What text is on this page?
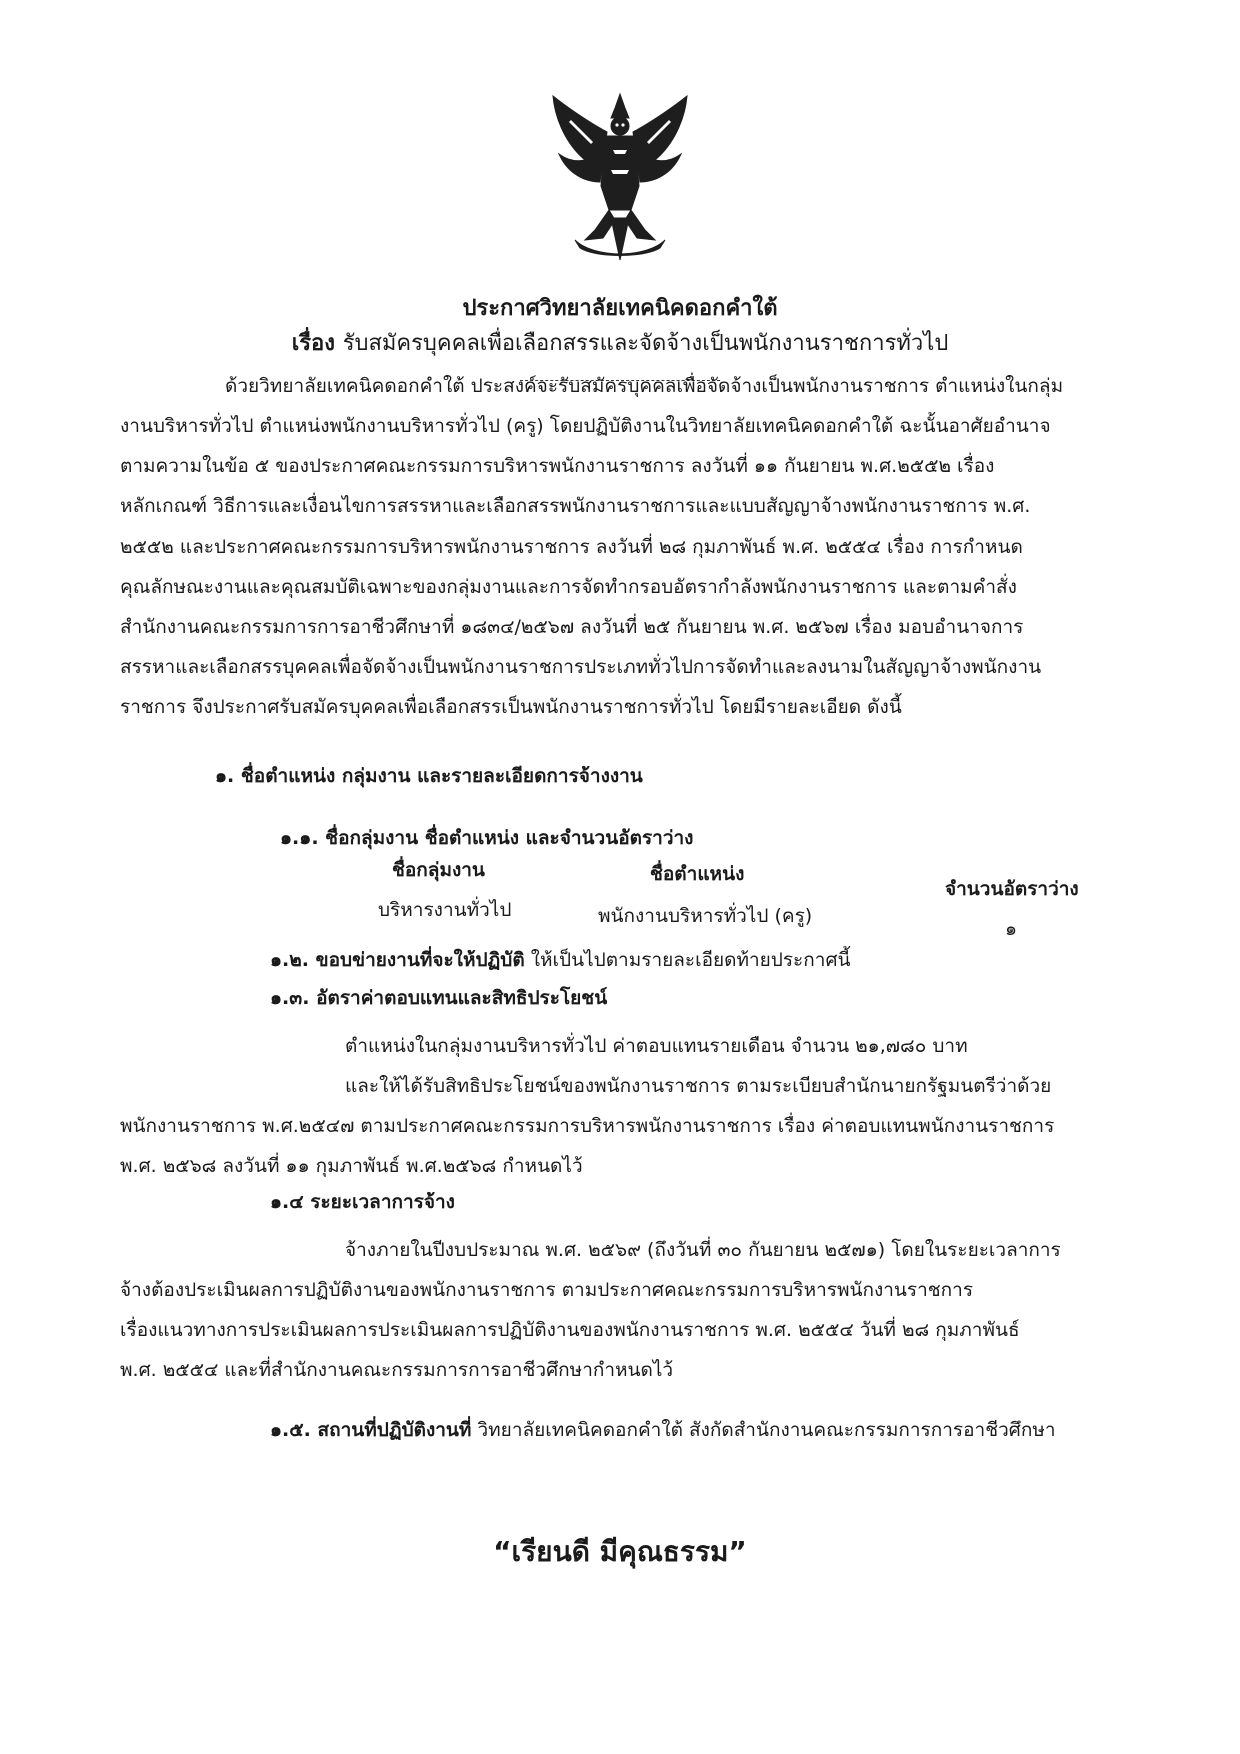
ประกาศวิทยาลัยเทคนิคดอกคำใต้
เรื่อง รับสมัครบุคคลเพื่อเลือกสรรและจัดจ้างเป็นพนักงานราชการทั่วไป
ด้วยวิทยาลัยเทคนิคดอกคำใต้ ประสงค์จะรับสมัครบุคคลเพื่อจัดจ้างเป็นพนักงานราชการ ตำแหน่งในกลุ่ม
งานบริหารทั่วไป ตำแหน่งพนักงานบริหารทั่วไป (ครู) โดยปฏิบัติงานในวิทยาลัยเทคนิคดอกคำใต้ ฉะนั้นอาศัยอำนาจ
ตามความในข้อ ๕ ของประกาศคณะกรรมการบริหารพนักงานราชการ ลงวันที่ ๑๑ กันยายน พ.ศ.๒๕๕๒ เรื่อง
หลักเกณฑ์ วิธีการและเงื่อนไขการสรรหาและเลือกสรรพนักงานราชการและแบบสัญญาจ้างพนักงานราชการ พ.ศ.
๒๕๕๒ และประกาศคณะกรรมการบริหารพนักงานราชการ ลงวันที่ ๒๘ กุมภาพันธ์ พ.ศ. ๒๕๕๔ เรื่อง การกำหนด
คุณลักษณะงานและคุณสมบัติเฉพาะของกลุ่มงานและการจัดทำกรอบอัตรากำลังพนักงานราชการ และตามคำสั่ง
สำนักงานคณะกรรมการการอาชีวศึกษาที่ ๑๘๓๔/๒๕๖๗ ลงวันที่ ๒๕ กันยายน พ.ศ. ๒๕๖๗ เรื่อง มอบอำนาจการ
สรรหาและเลือกสรรบุคคลเพื่อจัดจ้างเป็นพนักงานราชการประเภททั่วไปการจัดทำและลงนามในสัญญาจ้างพนักงาน
ราชการ จึงประกาศรับสมัครบุคคลเพื่อเลือกสรรเป็นพนักงานราชการทั่วไป โดยมีรายละเอียด ดังนี้
๑. ชื่อตำแหน่ง กลุ่มงาน และรายละเอียดการจ้างงาน
๑.๑. ชื่อกลุ่มงาน ชื่อตำแหน่ง และจำนวนอัตราว่าง
ชื่อกลุ่มงาน	ชื่อตำแหน่ง
จำนวนอัตราว่าง
บริหารงานทั่วไป	พนักงานบริหารทั่วไป (ครู)
๑
๑.๒. ขอบข่ายงานที่จะให้ปฏิบัติ ให้เป็นไปตามรายละเอียดท้ายประกาศนี้
๑.๓. อัตราค่าตอบแทนและสิทธิประโยชน์
ตำแหน่งในกลุ่มงานบริหารทั่วไป ค่าตอบแทนรายเดือน จำนวน ๒๑,๗๘๐ บาท
และให้ได้รับสิทธิประโยชน์ของพนักงานราชการ ตามระเบียบสำนักนายกรัฐมนตรีว่าด้วย
พนักงานราชการ พ.ศ.๒๕๔๗ ตามประกาศคณะกรรมการบริหารพนักงานราชการ เรื่อง ค่าตอบแทนพนักงานราชการ
พ.ศ. ๒๕๖๘ ลงวันที่ ๑๑ กุมภาพันธ์ พ.ศ.๒๕๖๘ กำหนดไว้
๑.๔ ระยะเวลาการจ้าง
จ้างภายในปีงบประมาณ พ.ศ. ๒๕๖๙ (ถึงวันที่ ๓๐ กันยายน ๒๕๗๑) โดยในระยะเวลาการ
จ้างต้องประเมินผลการปฏิบัติงานของพนักงานราชการ ตามประกาศคณะกรรมการบริหารพนักงานราชการ
เรื่องแนวทางการประเมินผลการประเมินผลการปฏิบัติงานของพนักงานราชการ พ.ศ. ๒๕๕๔ วันที่ ๒๘ กุมภาพันธ์
พ.ศ. ๒๕๕๔ และที่สำนักงานคณะกรรมการการอาชีวศึกษากำหนดไว้
๑.๕. สถานที่ปฏิบัติงานที่ วิทยาลัยเทคนิคดอกคำใต้ สังกัดสำนักงานคณะกรรมการการอาชีวศึกษา
“เรียนดี มีคุณธรรม”
